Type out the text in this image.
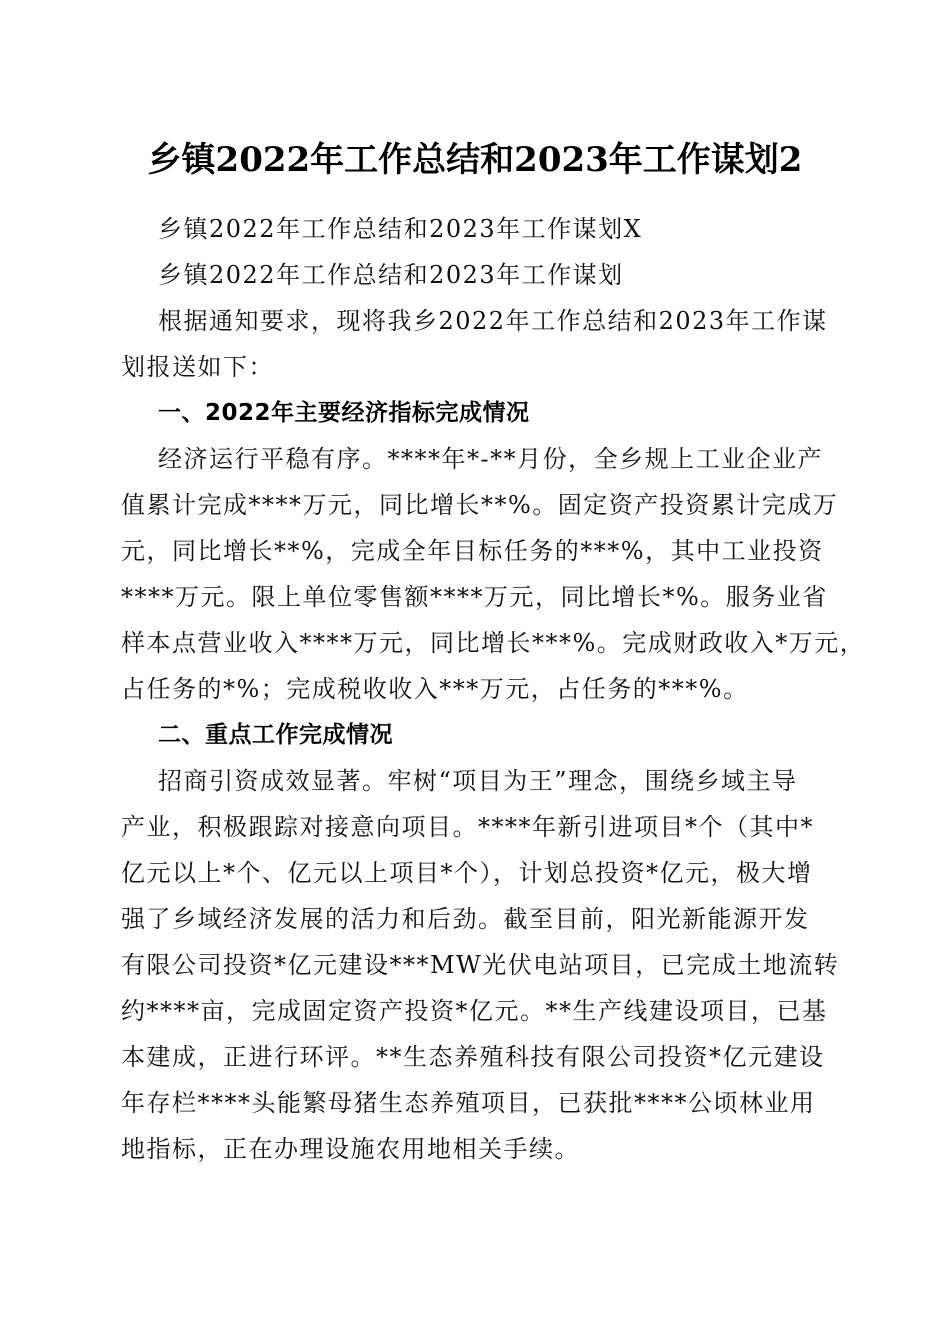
乡镇2022年工作总结和2023年工作谋划2
乡镇2022年工作总结和2023年工作谋划X
乡镇2022年工作总结和2023年工作谋划
根据通知要求，现将我乡2022年工作总结和2023年工作谋
划报送如下：
一、2022年主要经济指标完成情况
经济运行平稳有序。****年*-**月份，全乡规上工业企业产
值累计完成****万元，同比增长**%。固定资产投资累计完成万
元，同比增长**%，完成全年目标任务的***%，其中工业投资
****万元。限上单位零售额****万元，同比增长*%。服务业省
样本点营业收入****万元，同比增长***%。完成财政收入*万元，
占任务的*%；完成税收收入***万元，占任务的***%。
二、重点工作完成情况
招商引资成效显著。牢树“项目为王”理念，围绕乡域主导
产业，积极跟踪对接意向项目。****年新引进项目*个（其中*
亿元以上*个、亿元以上项目*个），计划总投资*亿元，极大增
强了乡域经济发展的活力和后劲。截至目前，阳光新能源开发
有限公司投资*亿元建设***MW光伏电站项目，已完成土地流转
约****亩，完成固定资产投资*亿元。**生产线建设项目，已基
本建成，正进行环评。**生态养殖科技有限公司投资*亿元建设
年存栏****头能繁母猪生态养殖项目，已获批****公顷林业用
地指标，正在办理设施农用地相关手续。
